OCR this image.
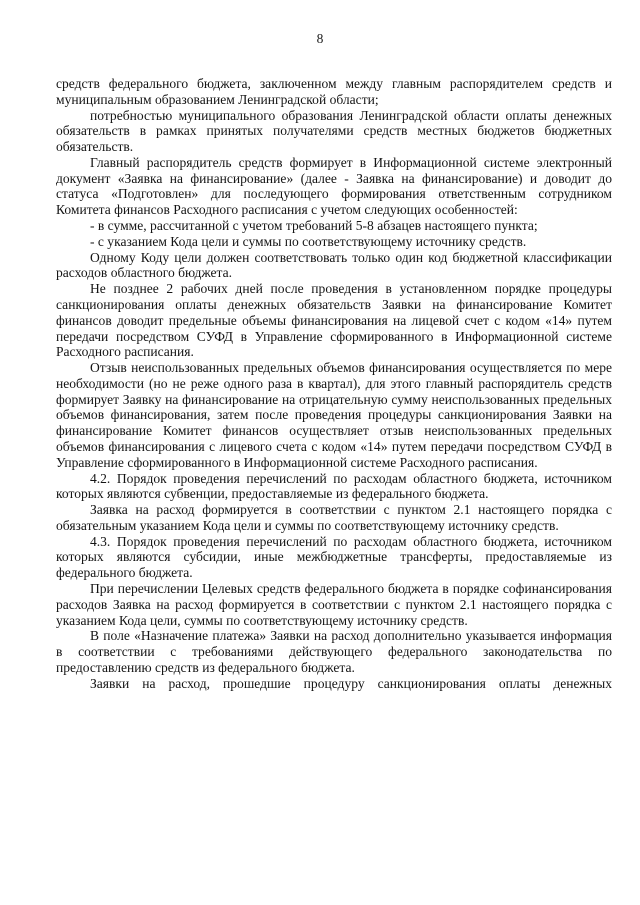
8

средств федерального бюджета, заключенном между главным распорядителем средств и муниципальным образованием Ленинградской области;

потребностью муниципального образования Ленинградской области оплаты денежных обязательств в рамках принятых получателями средств местных бюджетов бюджетных обязательств.

Главный распорядитель средств формирует в Информационной системе электронный документ «Заявка на финансирование» (далее - Заявка на финансирование) и доводит до статуса «Подготовлен» для последующего формирования ответственным сотрудником Комитета финансов Расходного расписания с учетом следующих особенностей:

- в сумме, рассчитанной с учетом требований 5-8 абзацев настоящего пункта;

- с указанием Кода цели и суммы по соответствующему источнику средств.

Одному Коду цели должен соответствовать только один код бюджетной классификации расходов областного бюджета.

Не позднее 2 рабочих дней после проведения в установленном порядке процедуры санкционирования оплаты денежных обязательств Заявки на финансирование Комитет финансов доводит предельные объемы финансирования на лицевой счет с кодом «14» путем передачи посредством СУФД в Управление сформированного в Информационной системе Расходного расписания.

Отзыв неиспользованных предельных объемов финансирования осуществляется по мере необходимости (но не реже одного раза в квартал), для этого главный распорядитель средств формирует Заявку на финансирование на отрицательную сумму неиспользованных предельных объемов финансирования, затем после проведения процедуры санкционирования Заявки на финансирование Комитет финансов осуществляет отзыв неиспользованных предельных объемов финансирования с лицевого счета с кодом «14» путем передачи посредством СУФД в Управление сформированного в Информационной системе Расходного расписания.

4.2. Порядок проведения перечислений по расходам областного бюджета, источником которых являются субвенции, предоставляемые из федерального бюджета.

Заявка на расход формируется в соответствии с пунктом 2.1 настоящего порядка с обязательным указанием Кода цели и суммы по соответствующему источнику средств.

4.3. Порядок проведения перечислений по расходам областного бюджета, источником которых являются субсидии, иные межбюджетные трансферты, предоставляемые из федерального бюджета.

При перечислении Целевых средств федерального бюджета в порядке софинансирования расходов Заявка на расход формируется в соответствии с пунктом 2.1 настоящего порядка с указанием Кода цели, суммы по соответствующему источнику средств.

В поле «Назначение платежа» Заявки на расход дополнительно указывается информация в соответствии с требованиями действующего федерального законодательства по предоставлению средств из федерального бюджета.

Заявки на расход, прошедшие процедуру санкционирования оплаты денежных
